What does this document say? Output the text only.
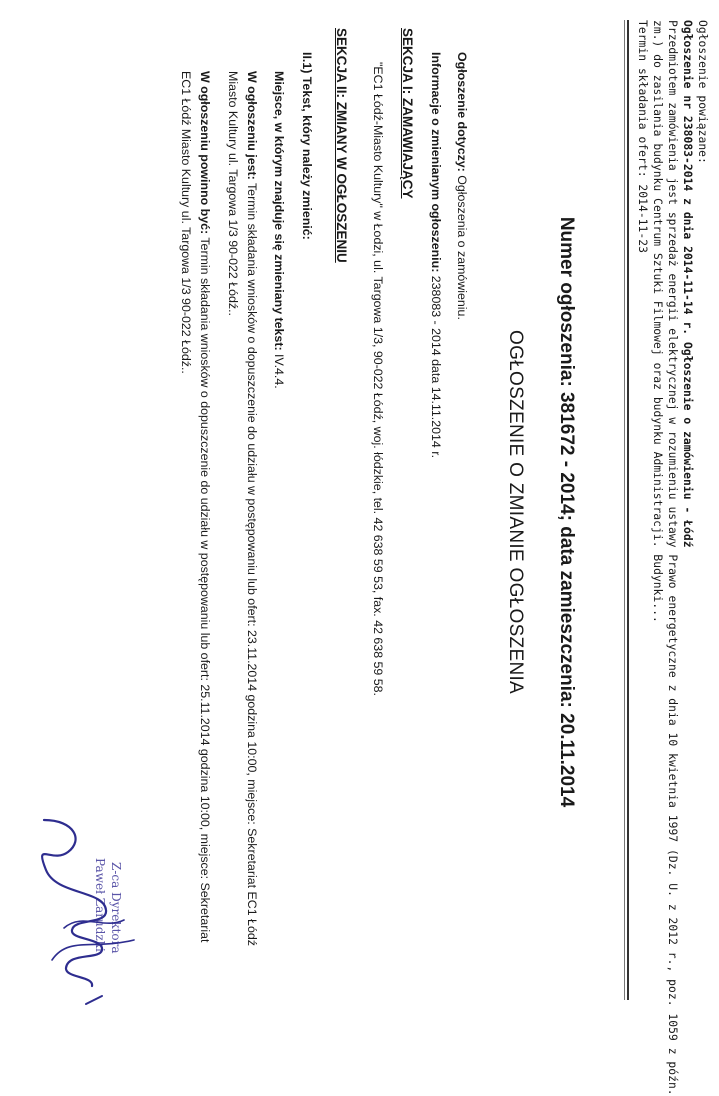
Ogłoszenie powiązane:
Ogłoszenie nr 238083-2014 z dnia 2014-11-14 r. Ogłoszenie o zamówieniu - Łódź
Przedmiotem zamówienia jest sprzedaż energii elektrycznej w rozumieniu ustawy Prawo energetyczne z dnia 10 kwietnia 1997 (Dz. U. z 2012 r., poz. 1059 z późn.
zm.) do zasilania budynku Centrum Sztuki Filmowej oraz budynku Administracji. Budynki...
Termin składania ofert: 2014-11-23
Numer ogłoszenia: 381672 - 2014; data zamieszczenia: 20.11.2014
OGŁOSZENIE O ZMIANIE OGŁOSZENIA
Ogłoszenie dotyczy: Ogłoszenia o zamówieniu.
Informacje o zmienianym ogłoszeniu: 238083 - 2014 data 14.11.2014 r.
SEKCJA I: ZAMAWIAJĄCY
"EC1 Łódź-Miasto Kultury" w Łodzi, ul. Targowa 1/3, 90-022 Łódź, woj. łódzkie, tel. 42 638 59 53, fax. 42 638 59 58.
SEKCJA II: ZMIANY W OGŁOSZENIU
II.1) Tekst, który należy zmienić:
Miejsce, w którym znajduje się zmieniany tekst: IV.4.4.
W ogłoszeniu jest: Termin składania wniosków o dopuszczenie do udziału w postępowaniu lub ofert: 23.11.2014 godzina 10:00, miejsce: Sekretariat EC1 Łódź
Miasto Kultury ul. Targowa 1/3 90-022 Łódź..
W ogłoszeniu powinno być: Termin składania wniosków o dopuszczenie do udziału w postępowaniu lub ofert: 25.11.2014 godzina 10:00, miejsce: Sekretariat
EC1 Łódź Miasto Kultury ul. Targowa 1/3 90-022 Łódź..
Z-ca Dyrektora
Paweł Zarudzki
